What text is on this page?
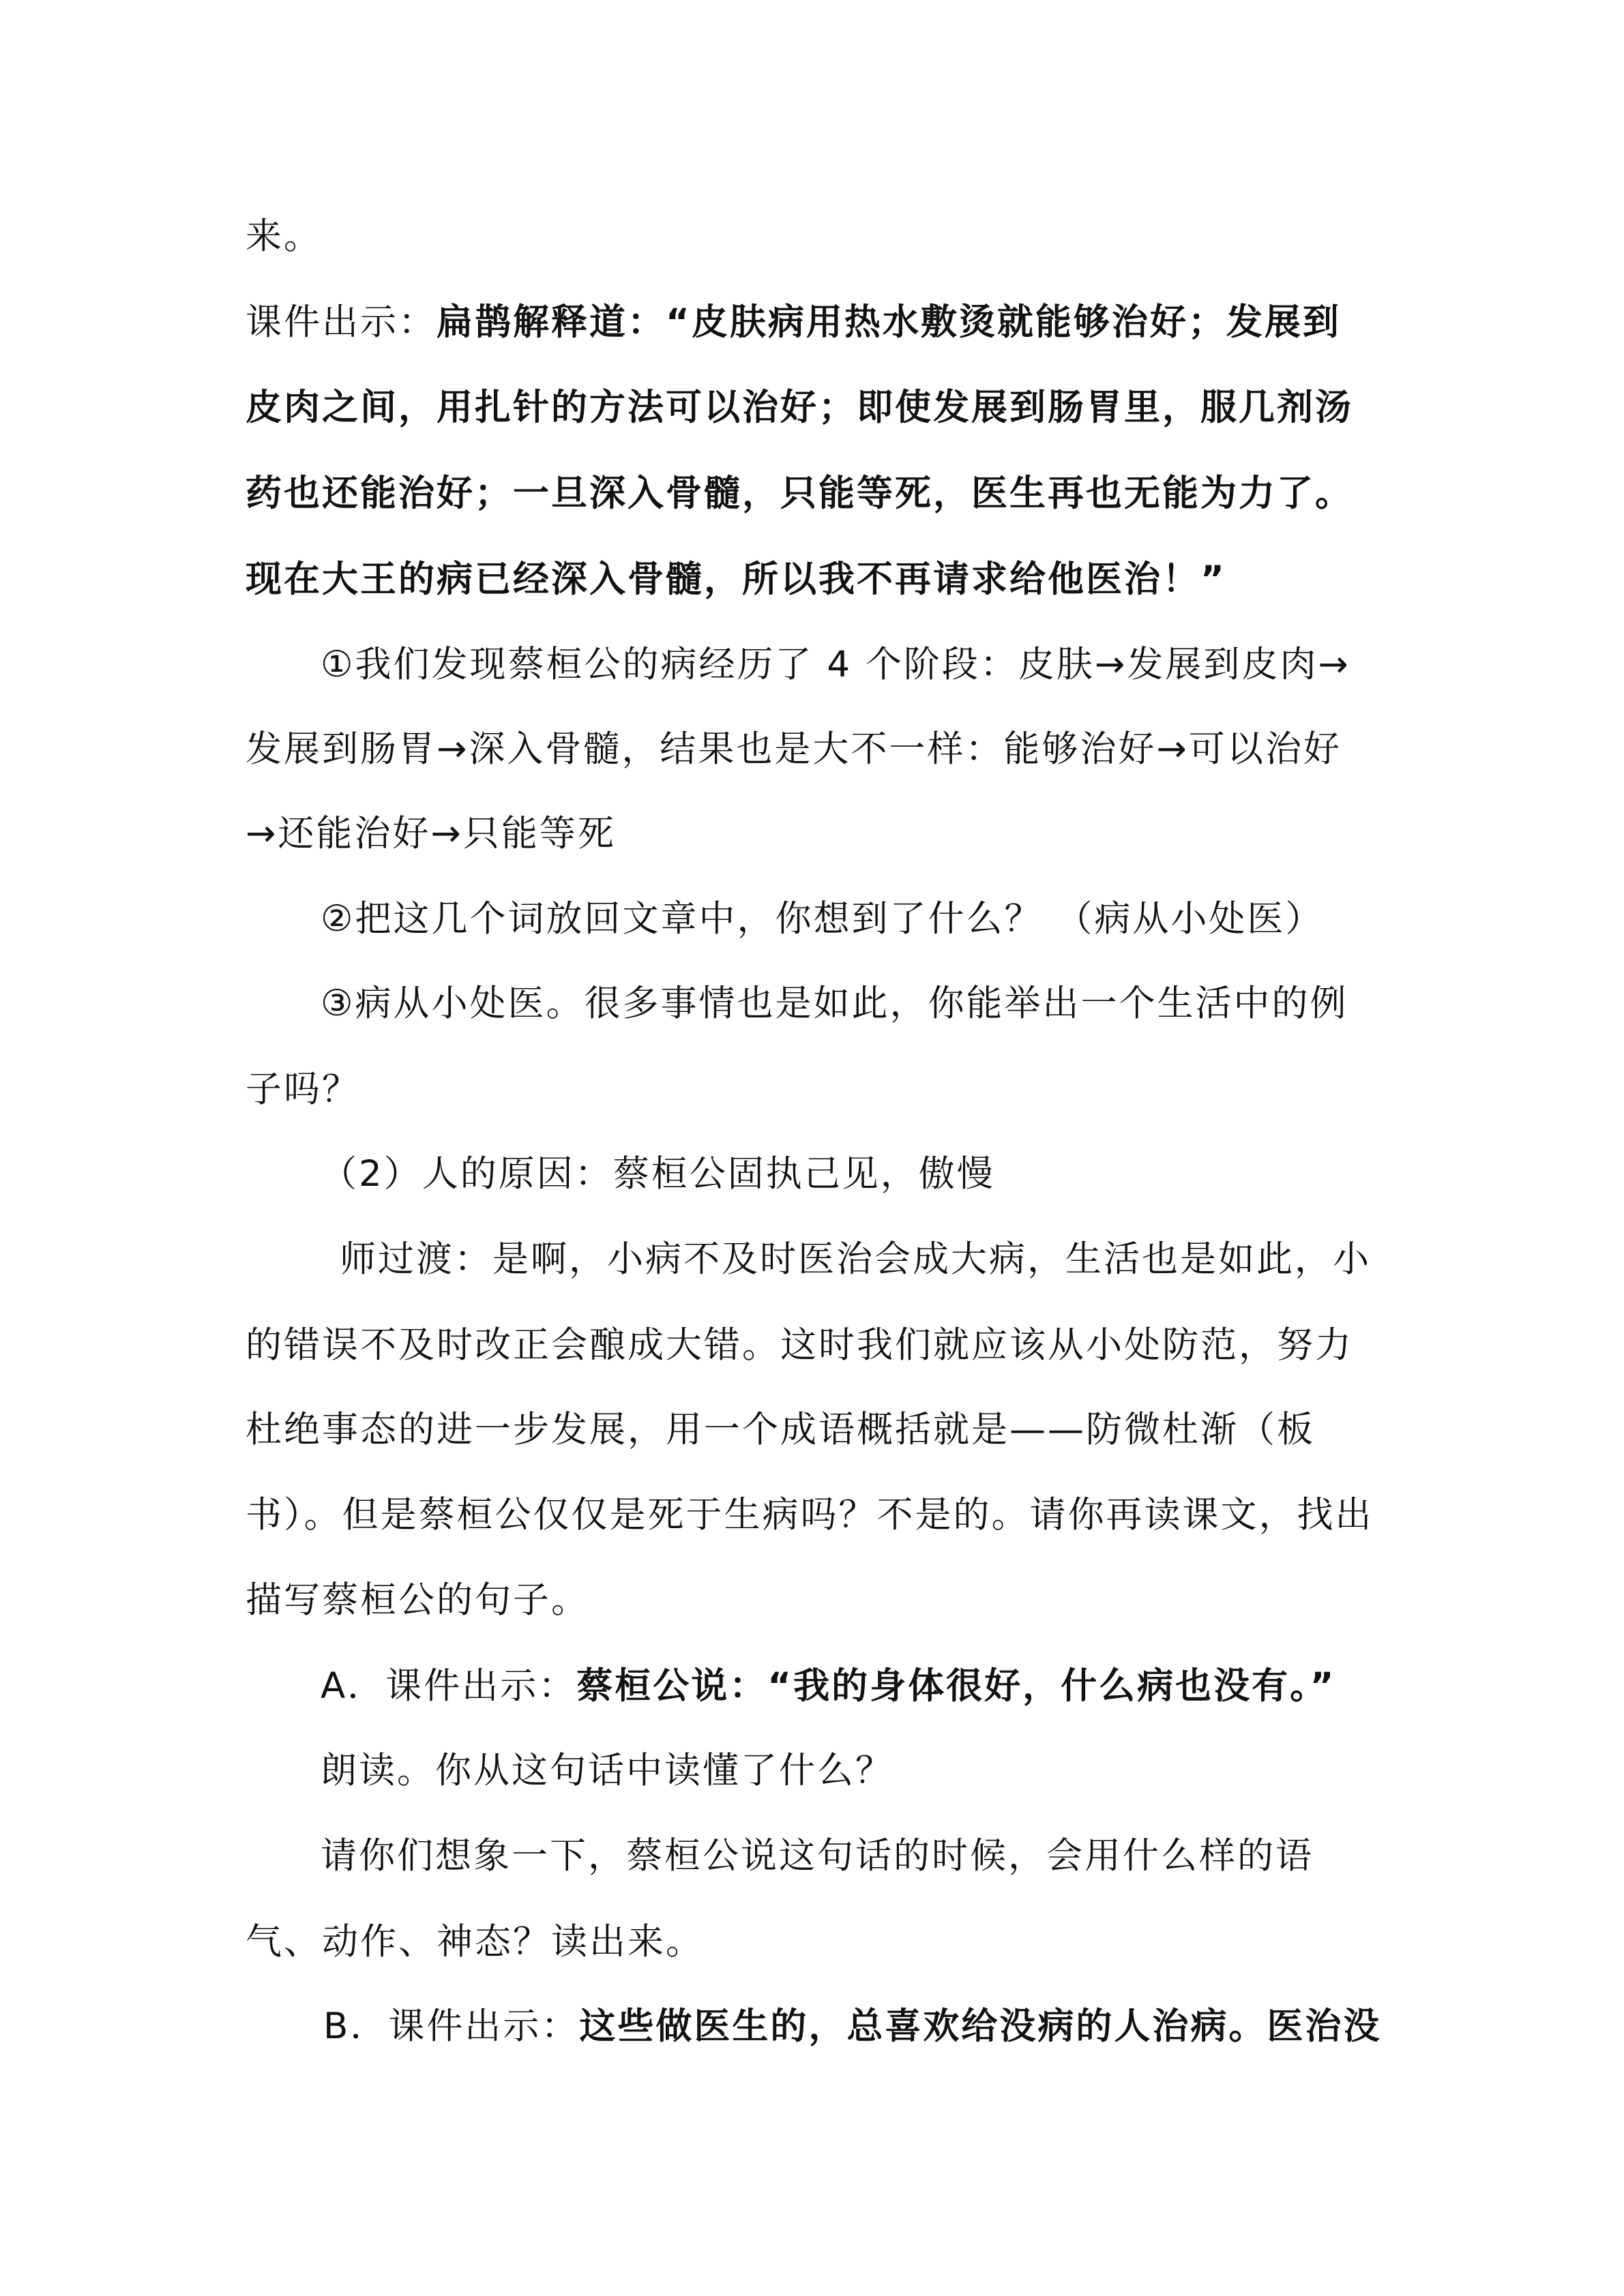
来。
课件出示：扁鹊解释道：“皮肤病用热水敷烫就能够治好；发展到
皮肉之间，用扎针的方法可以治好；即使发展到肠胃里，服几剂汤
药也还能治好；一旦深入骨髓，只能等死，医生再也无能为力了。
现在大王的病已经深入骨髓，所以我不再请求给他医治！”
①我们发现蔡桓公的病经历了 4 个阶段：皮肤→发展到皮肉→
发展到肠胃→深入骨髓，结果也是大不一样：能够治好→可以治好
→还能治好→只能等死
②把这几个词放回文章中，你想到了什么？ （病从小处医）
③病从小处医。很多事情也是如此，你能举出一个生活中的例
子吗？
（2）人的原因：蔡桓公固执己见，傲慢
师过渡：是啊，小病不及时医治会成大病，生活也是如此，小
的错误不及时改正会酿成大错。这时我们就应该从小处防范，努力
杜绝事态的进一步发展，用一个成语概括就是——防微杜渐（板
书）。但是蔡桓公仅仅是死于生病吗？不是的。请你再读课文，找出
描写蔡桓公的句子。
A．课件出示：蔡桓公说：“我的身体很好，什么病也没有。”
朗读。你从这句话中读懂了什么？
请你们想象一下，蔡桓公说这句话的时候，会用什么样的语
气、动作、神态？读出来。
B．课件出示：这些做医生的，总喜欢给没病的人治病。医治没
